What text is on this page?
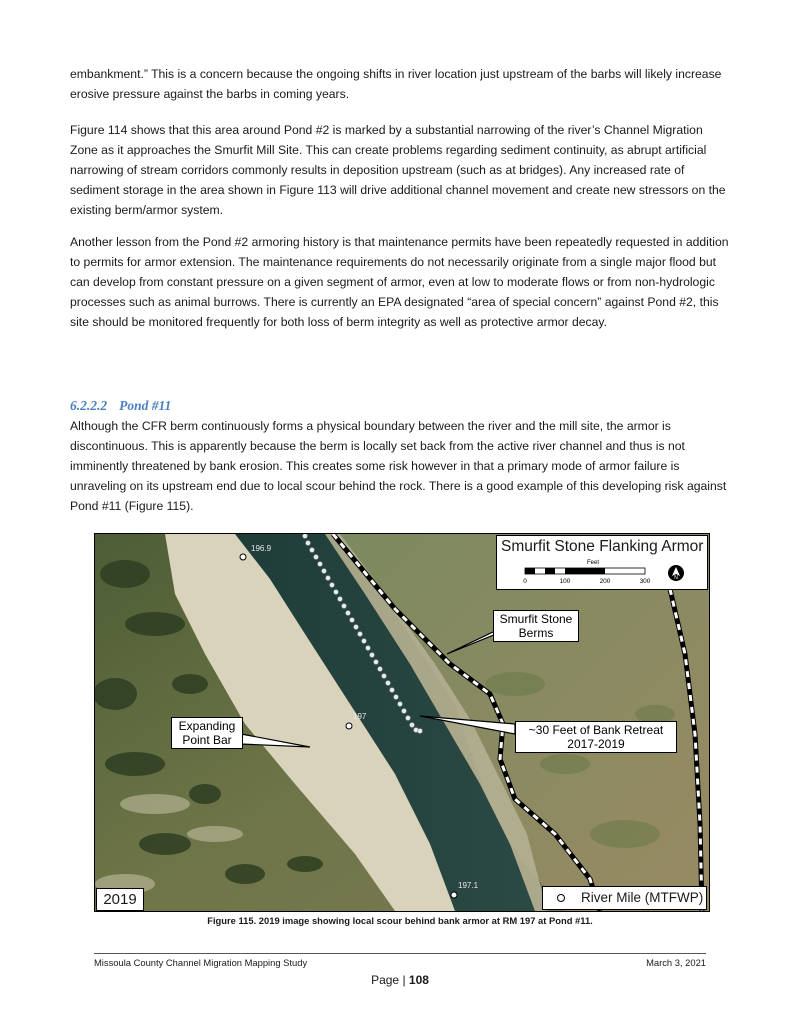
embankment.” This is a concern because the ongoing shifts in river location just upstream of the barbs will likely increase erosive pressure against the barbs in coming years.

Figure 114 shows that this area around Pond #2 is marked by a substantial narrowing of the river’s Channel Migration Zone as it approaches the Smurfit Mill Site. This can create problems regarding sediment continuity, as abrupt artificial narrowing of stream corridors commonly results in deposition upstream (such as at bridges). Any increased rate of sediment storage in the area shown in Figure 113 will drive additional channel movement and create new stressors on the existing berm/armor system.

Another lesson from the Pond #2 armoring history is that maintenance permits have been repeatedly requested in addition to permits for armor extension. The maintenance requirements do not necessarily originate from a single major flood but can develop from constant pressure on a given segment of armor, even at low to moderate flows or from non-hydrologic processes such as animal burrows. There is currently an EPA designated “area of special concern” against Pond #2, this site should be monitored frequently for both loss of berm integrity as well as protective armor decay.

6.2.2.2 Pond #11

Although the CFR berm continuously forms a physical boundary between the river and the mill site, the armor is discontinuous. This is apparently because the berm is locally set back from the active river channel and thus is not imminently threatened by bank erosion. This creates some risk however in that a primary mode of armor failure is unraveling on its upstream end due to local scour behind the rock. There is a good example of this developing risk against Pond #11 (Figure 115).

196.9
197
197.1
Smurfit Stone Flanking Armor
Feet
0	100	200	300	N
Smurfit Stone Berms
Expanding Point Bar
~30 Feet of Bank Retreat
2017-2019
2019	River Mile (MTFWP)
Figure 115. 2019 image showing local scour behind bank armor at RM 197 at Pond #11.
Missoula County Channel Migration Mapping Study	March 3, 2021
Page | 108
